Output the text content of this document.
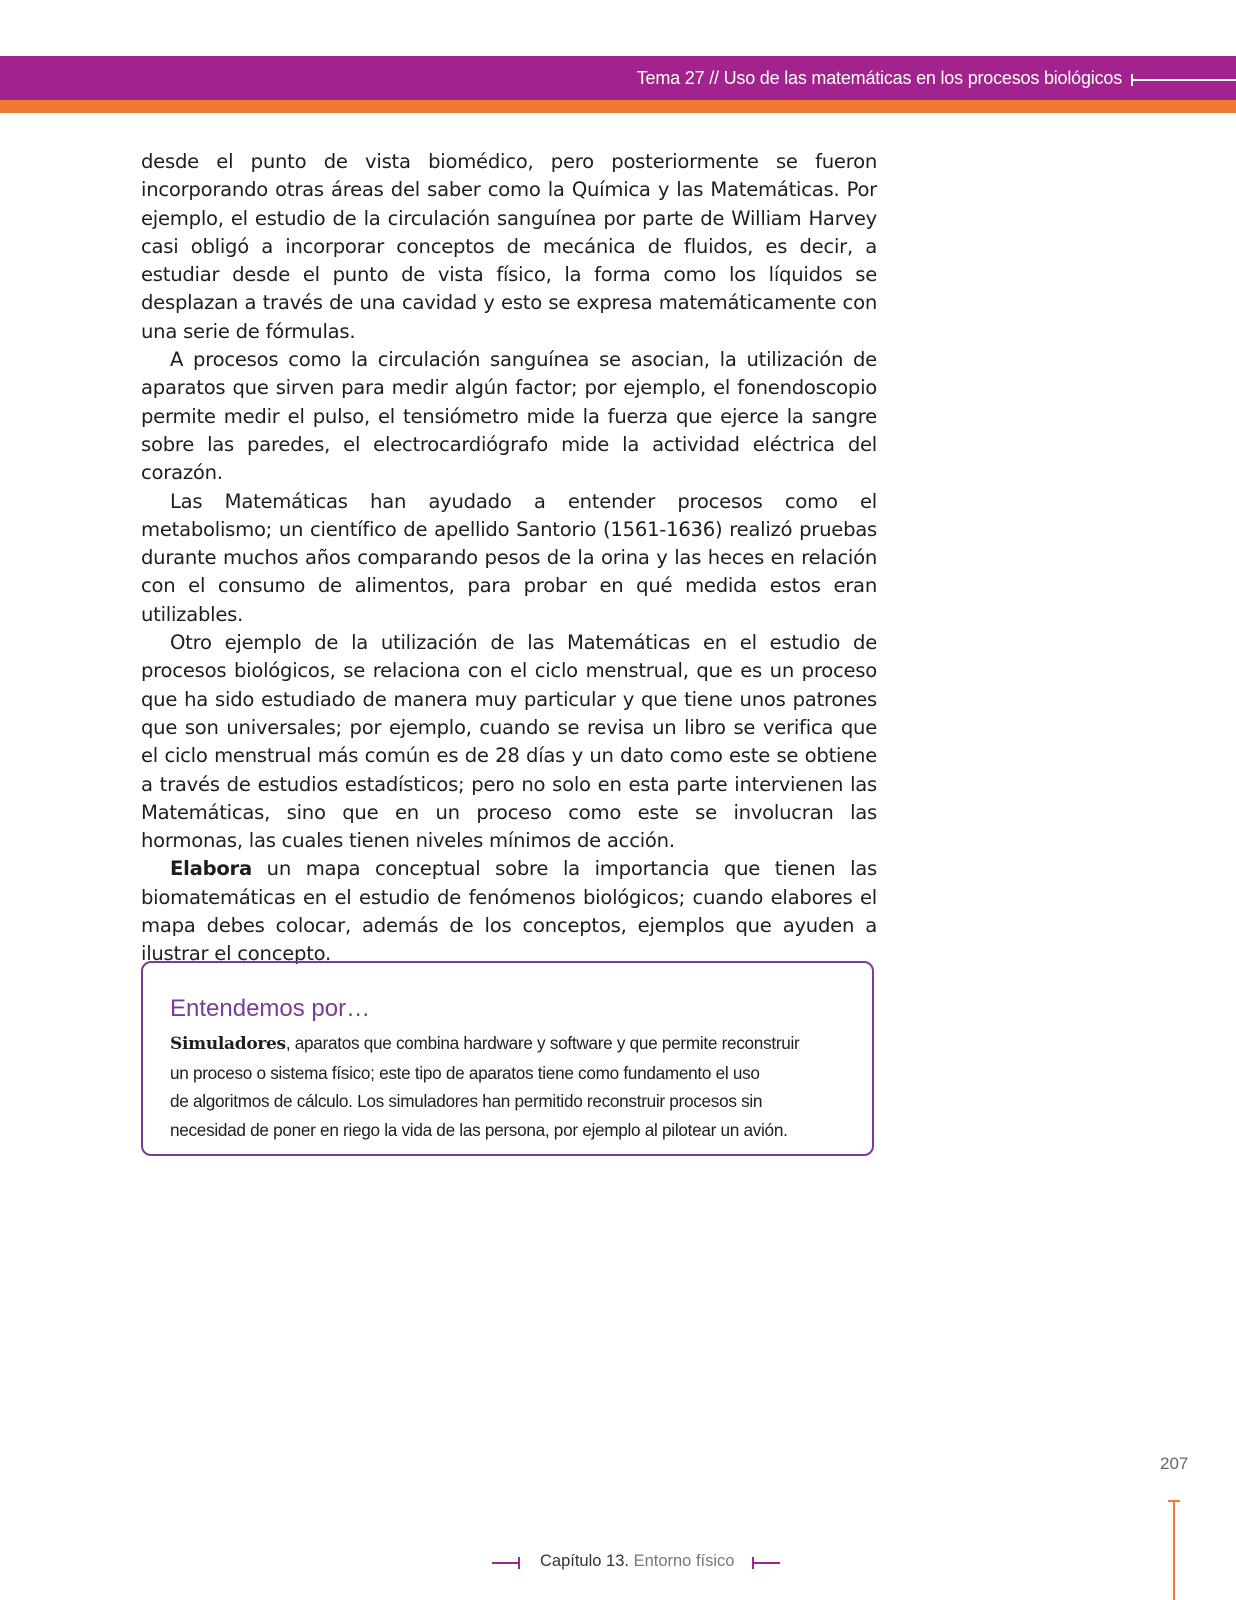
Tema 27 // Uso de las matemáticas en los procesos biológicos

desde el punto de vista biomédico, pero posteriormente se fueron incorporando otras áreas del saber como la Química y las Matemáticas. Por ejemplo, el estudio de la circulación sanguínea por parte de William Harvey casi obligó a incorporar conceptos de mecánica de fluidos, es decir, a estudiar desde el punto de vista físico, la forma como los líquidos se desplazan a través de una cavidad y esto se expresa matemáticamente con una serie de fórmulas.

A procesos como la circulación sanguínea se asocian, la utilización de aparatos que sirven para medir algún factor; por ejemplo, el fonendoscopio permite medir el pulso, el tensiómetro mide la fuerza que ejerce la sangre sobre las paredes, el electrocardiógrafo mide la actividad eléctrica del corazón.

Las Matemáticas han ayudado a entender procesos como el metabolismo; un científico de apellido Santorio (1561-1636) realizó pruebas durante muchos años comparando pesos de la orina y las heces en relación con el consumo de alimentos, para probar en qué medida estos eran utilizables.

Otro ejemplo de la utilización de las Matemáticas en el estudio de procesos biológicos, se relaciona con el ciclo menstrual, que es un proceso que ha sido estudiado de manera muy particular y que tiene unos patrones que son universales; por ejemplo, cuando se revisa un libro se verifica que el ciclo menstrual más común es de 28 días y un dato como este se obtiene a través de estudios estadísticos; pero no solo en esta parte intervienen las Matemáticas, sino que en un proceso como este se involucran las hormonas, las cuales tienen niveles mínimos de acción.

Elabora un mapa conceptual sobre la importancia que tienen las biomatemáticas en el estudio de fenómenos biológicos; cuando elabores el mapa debes colocar, además de los conceptos, ejemplos que ayuden a ilustrar el concepto.

Entendemos por…
Simuladores, aparatos que combina hardware y software y que permite reconstruir
un proceso o sistema físico; este tipo de aparatos tiene como fundamento el uso
de algoritmos de cálculo. Los simuladores han permitido reconstruir procesos sin
necesidad de poner en riego la vida de las persona, por ejemplo al pilotear un avión.
207
Capítulo 13. Entorno físico
